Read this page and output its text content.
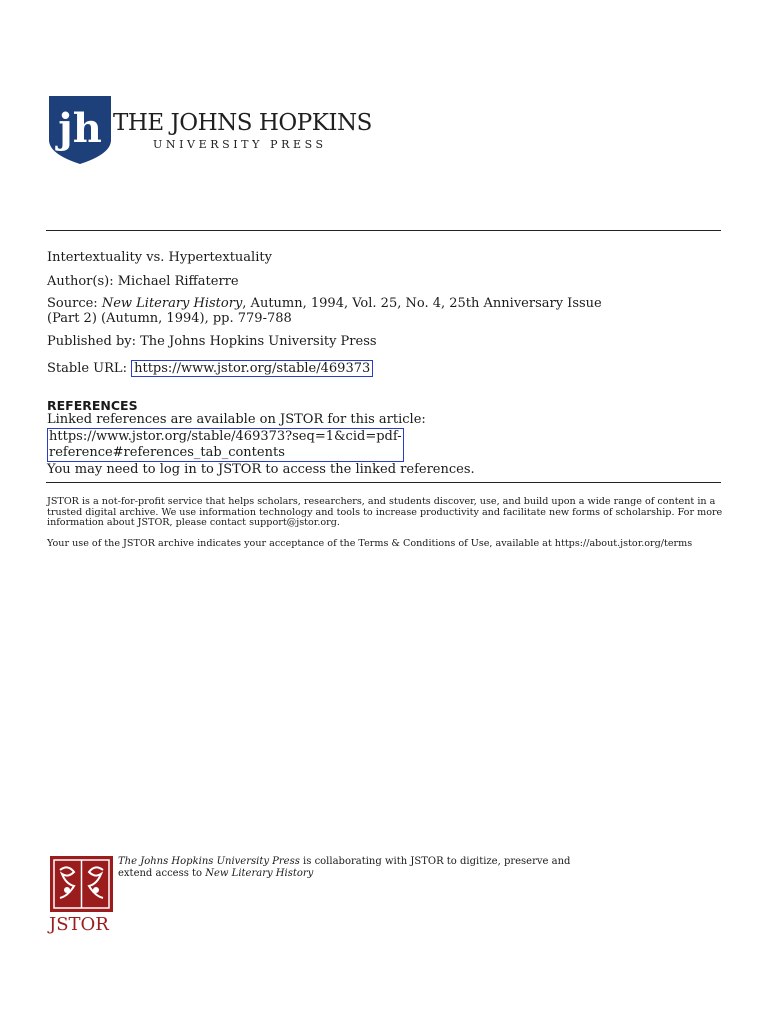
jh THE JOHNS HOPKINS
UNIVERSITY PRESS
Intertextuality vs. Hypertextuality
Author(s): Michael Riffaterre
Source: New Literary History, Autumn, 1994, Vol. 25, No. 4, 25th Anniversary Issue
(Part 2) (Autumn, 1994), pp. 779-788
Published by: The Johns Hopkins University Press
Stable URL: https://www.jstor.org/stable/469373
REFERENCES
Linked references are available on JSTOR for this article:
https://www.jstor.org/stable/469373?seq=1&cid=pdf-
reference#references_tab_contents
You may need to log in to JSTOR to access the linked references.
JSTOR is a not-for-profit service that helps scholars, researchers, and students discover, use, and build upon a wide range of content in a trusted digital archive. We use information technology and tools to increase productivity and facilitate new forms of scholarship. For more information about JSTOR, please contact support@jstor.org.
Your use of the JSTOR archive indicates your acceptance of the Terms & Conditions of Use, available at https://about.jstor.org/terms
JSTOR
The Johns Hopkins University Press is collaborating with JSTOR to digitize, preserve and
extend access to New Literary History
